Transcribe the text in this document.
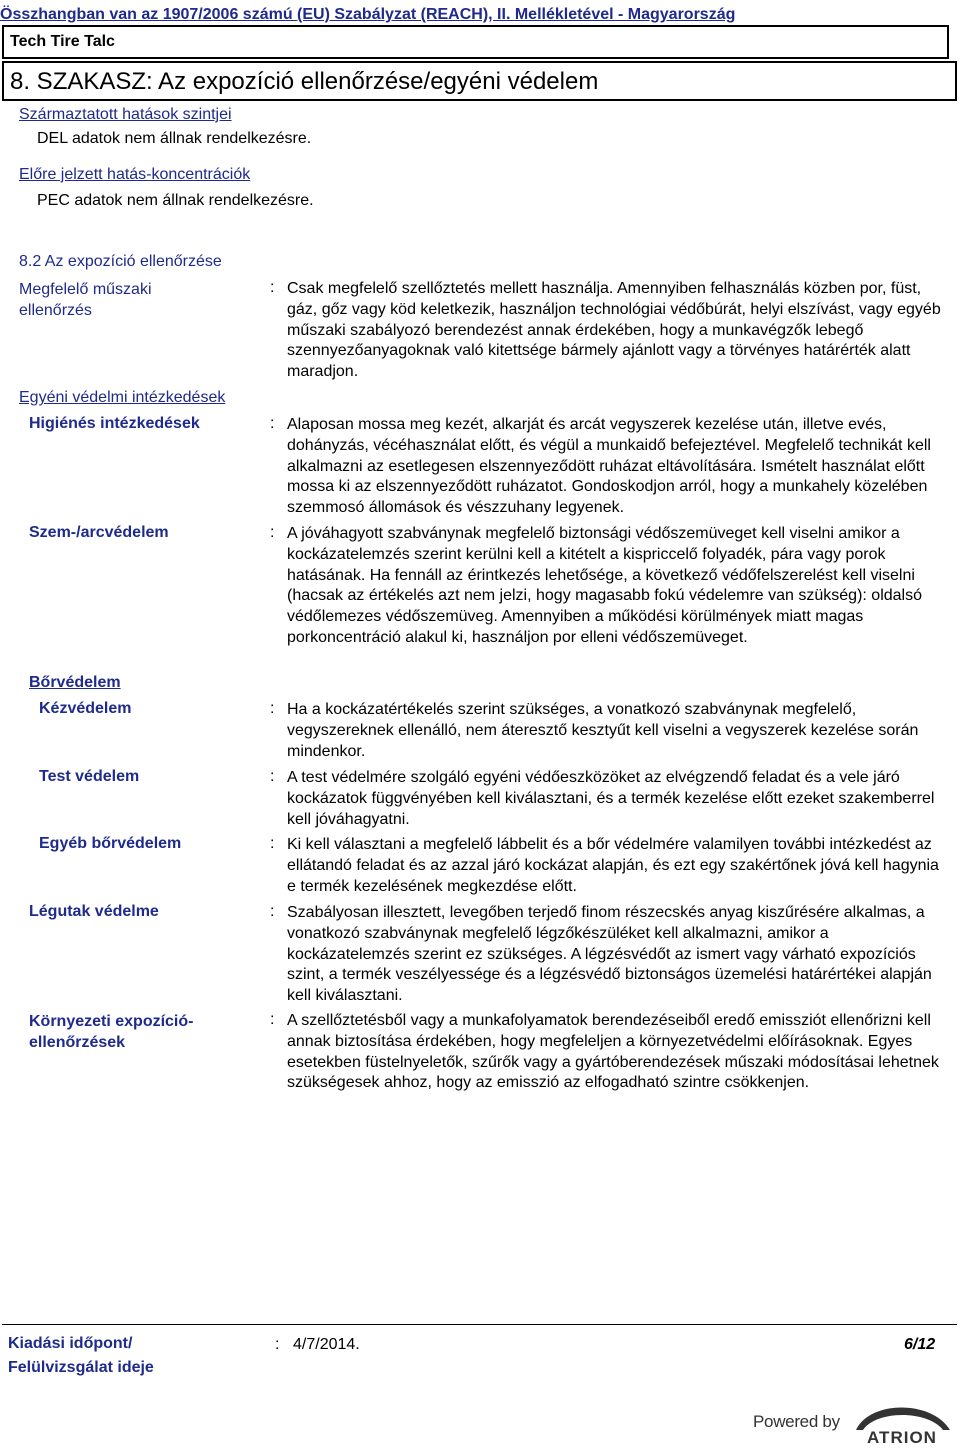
Összhangban van az 1907/2006 számú (EU) Szabályzat (REACH), II. Mellékletével - Magyarország
Tech Tire Talc
8. SZAKASZ: Az expozíció ellenőrzése/egyéni védelem
Származtatott hatások szintjei
DEL adatok nem állnak rendelkezésre.
Előre jelzett hatás-koncentrációk
PEC adatok nem állnak rendelkezésre.
8.2 Az expozíció ellenőrzése
Megfelelő műszaki ellenőrzés
: Csak megfelelő szellőztetés mellett használja. Amennyiben felhasználás közben por, füst, gáz, gőz vagy köd keletkezik, használjon technológiai védőbúrát, helyi elszívást, vagy egyéb műszaki szabályozó berendezést annak érdekében, hogy a munkavégzők lebegő szennyezőanyagoknak való kitettsége bármely ajánlott vagy a törvényes határérték alatt maradjon.
Egyéni védelmi intézkedések
Higiénés intézkedések	: Alaposan mossa meg kezét, alkarját és arcát vegyszerek kezelése után, illetve evés, dohányzás, vécéhasználat előtt, és végül a munkaidő befejeztével. Megfelelő technikát kell alkalmazni az esetlegesen elszennyeződött ruházat eltávolítására. Ismételt használat előtt mossa ki az elszennyeződött ruházatot. Gondoskodjon arról, hogy a munkahely közelében szemmosó állomások és vészzuhany legyenek.
Szem-/arcvédelem	: A jóváhagyott szabványnak megfelelő biztonsági védőszemüveget kell viselni amikor a kockázatelemzés szerint kerülni kell a kitételt a kispriccelő folyadék, pára vagy porok hatásának. Ha fennáll az érintkezés lehetősége, a következő védőfelszerelést kell viselni (hacsak az értékelés azt nem jelzi, hogy magasabb fokú védelemre van szükség): oldalsó védőlemezes védőszemüveg. Amennyiben a működési körülmények miatt magas porkoncentráció alakul ki, használjon por elleni védőszemüveget.
Bőrvédelem
Kézvédelem	: Ha a kockázatértékelés szerint szükséges, a vonatkozó szabványnak megfelelő, vegyszereknek ellenálló, nem áteresztő kesztyűt kell viselni a vegyszerek kezelése során mindenkor.
Test védelem	: A test védelmére szolgáló egyéni védőeszközöket az elvégzendő feladat és a vele járó kockázatok függvényében kell kiválasztani, és a termék kezelése előtt ezeket szakemberrel kell jóváhagyatni.
Egyéb bőrvédelem	: Ki kell választani a megfelelő lábbelit és a bőr védelmére valamilyen további intézkedést az ellátandó feladat és az azzal járó kockázat alapján, és ezt egy szakértőnek jóvá kell hagynia e termék kezelésének megkezdése előtt.
Légutak védelme	: Szabályosan illesztett, levegőben terjedő finom részecskés anyag kiszűrésére alkalmas, a vonatkozó szabványnak megfelelő légzőkészüléket kell alkalmazni, amikor a kockázatelemzés szerint ez szükséges. A légzésvédőt az ismert vagy várható expozíciós szint, a termék veszélyessége és a légzésvédő biztonságos üzemelési határértékei alapján kell kiválasztani.
Környezeti expozíció-ellenőrzések
: A szellőztetésből vagy a munkafolyamatok berendezéseiből eredő emissziót ellenőrizni kell annak biztosítása érdekében, hogy megfeleljen a környezetvédelmi előírásoknak. Egyes esetekben füstelnyeletők, szűrők vagy a gyártóberendezések műszaki módosításai lehetnek szükségesek ahhoz, hogy az emisszió az elfogadható szintre csökkenjen.
Kiadási időpont/
Felülvizsgálat ideje
: 4/7/2014.	6/12
Powered by
ATRION
